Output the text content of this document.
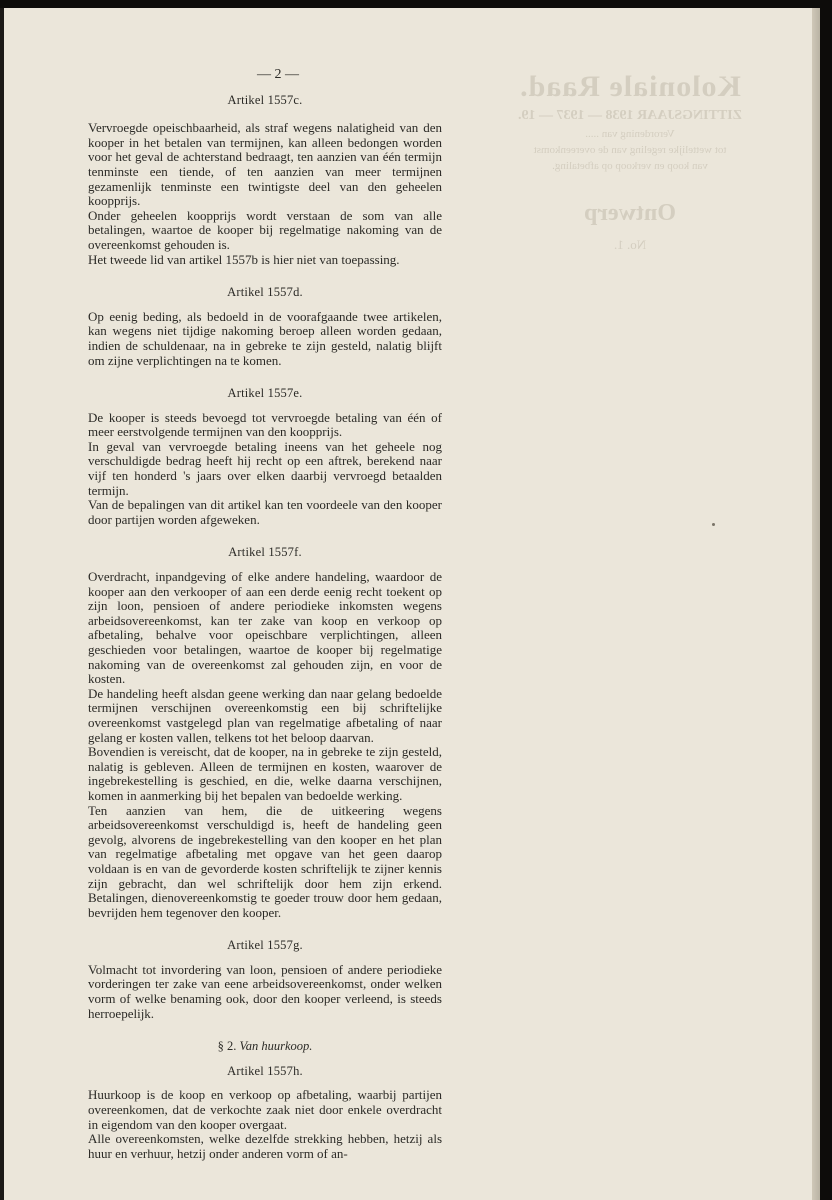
Koloniale Raad.
ZITTINGSJAAR 1938 — 1937 — 19.
Verordening van .....
tot wettelijke regeling van de overeenkomst
van koop en verkoop op afbetaling.
Ontwerp
No. 1.
— 2 —
Artikel 1557c.

Vervroegde opeischbaarheid, als straf wegens nalatigheid van den kooper in het betalen van termijnen, kan alleen bedongen worden voor het geval de achterstand bedraagt, ten aanzien van één termijn tenminste een tiende, of ten aanzien van meer termijnen gezamenlijk tenminste een twintigste deel van den geheelen koopprijs.

Onder geheelen koopprijs wordt verstaan de som van alle betalingen, waartoe de kooper bij regelmatige nakoming van de overeenkomst gehouden is.

Het tweede lid van artikel 1557b is hier niet van toepassing.

Artikel 1557d.

Op eenig beding, als bedoeld in de voorafgaande twee artikelen, kan wegens niet tijdige nakoming beroep alleen worden gedaan, indien de schuldenaar, na in gebreke te zijn gesteld, nalatig blijft om zijne verplichtingen na te komen.

Artikel 1557e.

De kooper is steeds bevoegd tot vervroegde betaling van één of meer eerstvolgende termijnen van den koopprijs.

In geval van vervroegde betaling ineens van het geheele nog verschuldigde bedrag heeft hij recht op een aftrek, berekend naar vijf ten honderd 's jaars over elken daarbij vervroegd betaalden termijn.

Van de bepalingen van dit artikel kan ten voordeele van den kooper door partijen worden afgeweken.

Artikel 1557f.

Overdracht, inpandgeving of elke andere handeling, waardoor de kooper aan den verkooper of aan een derde eenig recht toekent op zijn loon, pensioen of andere periodieke inkomsten wegens arbeidsovereenkomst, kan ter zake van koop en verkoop op afbetaling, behalve voor opeischbare verplichtingen, alleen geschieden voor betalingen, waartoe de kooper bij regelmatige nakoming van de overeenkomst zal gehouden zijn, en voor de kosten.

De handeling heeft alsdan geene werking dan naar gelang bedoelde termijnen verschijnen overeenkomstig een bij schriftelijke overeenkomst vastgelegd plan van regelmatige afbetaling of naar gelang er kosten vallen, telkens tot het beloop daarvan.

Bovendien is vereischt, dat de kooper, na in gebreke te zijn gesteld, nalatig is gebleven. Alleen de termijnen en kosten, waarover de ingebrekestelling is geschied, en die, welke daarna verschijnen, komen in aanmerking bij het bepalen van bedoelde werking.

Ten aanzien van hem, die de uitkeering wegens arbeidsovereenkomst verschuldigd is, heeft de handeling geen gevolg, alvorens de ingebrekestelling van den kooper en het plan van regelmatige afbetaling met opgave van het geen daarop voldaan is en van de gevorderde kosten schriftelijk te zijner kennis zijn gebracht, dan wel schriftelijk door hem zijn erkend. Betalingen, dienovereenkomstig te goeder trouw door hem gedaan, bevrijden hem tegenover den kooper.

Artikel 1557g.

Volmacht tot invordering van loon, pensioen of andere periodieke vorderingen ter zake van eene arbeidsovereenkomst, onder welken vorm of welke benaming ook, door den kooper verleend, is steeds herroepelijk.

§ 2. Van huurkoop.
Artikel 1557h.

Huurkoop is de koop en verkoop op afbetaling, waarbij partijen overeenkomen, dat de verkochte zaak niet door enkele overdracht in eigendom van den kooper overgaat.

Alle overeenkomsten, welke dezelfde strekking hebben, hetzij als huur en verhuur, hetzij onder anderen vorm of an-
